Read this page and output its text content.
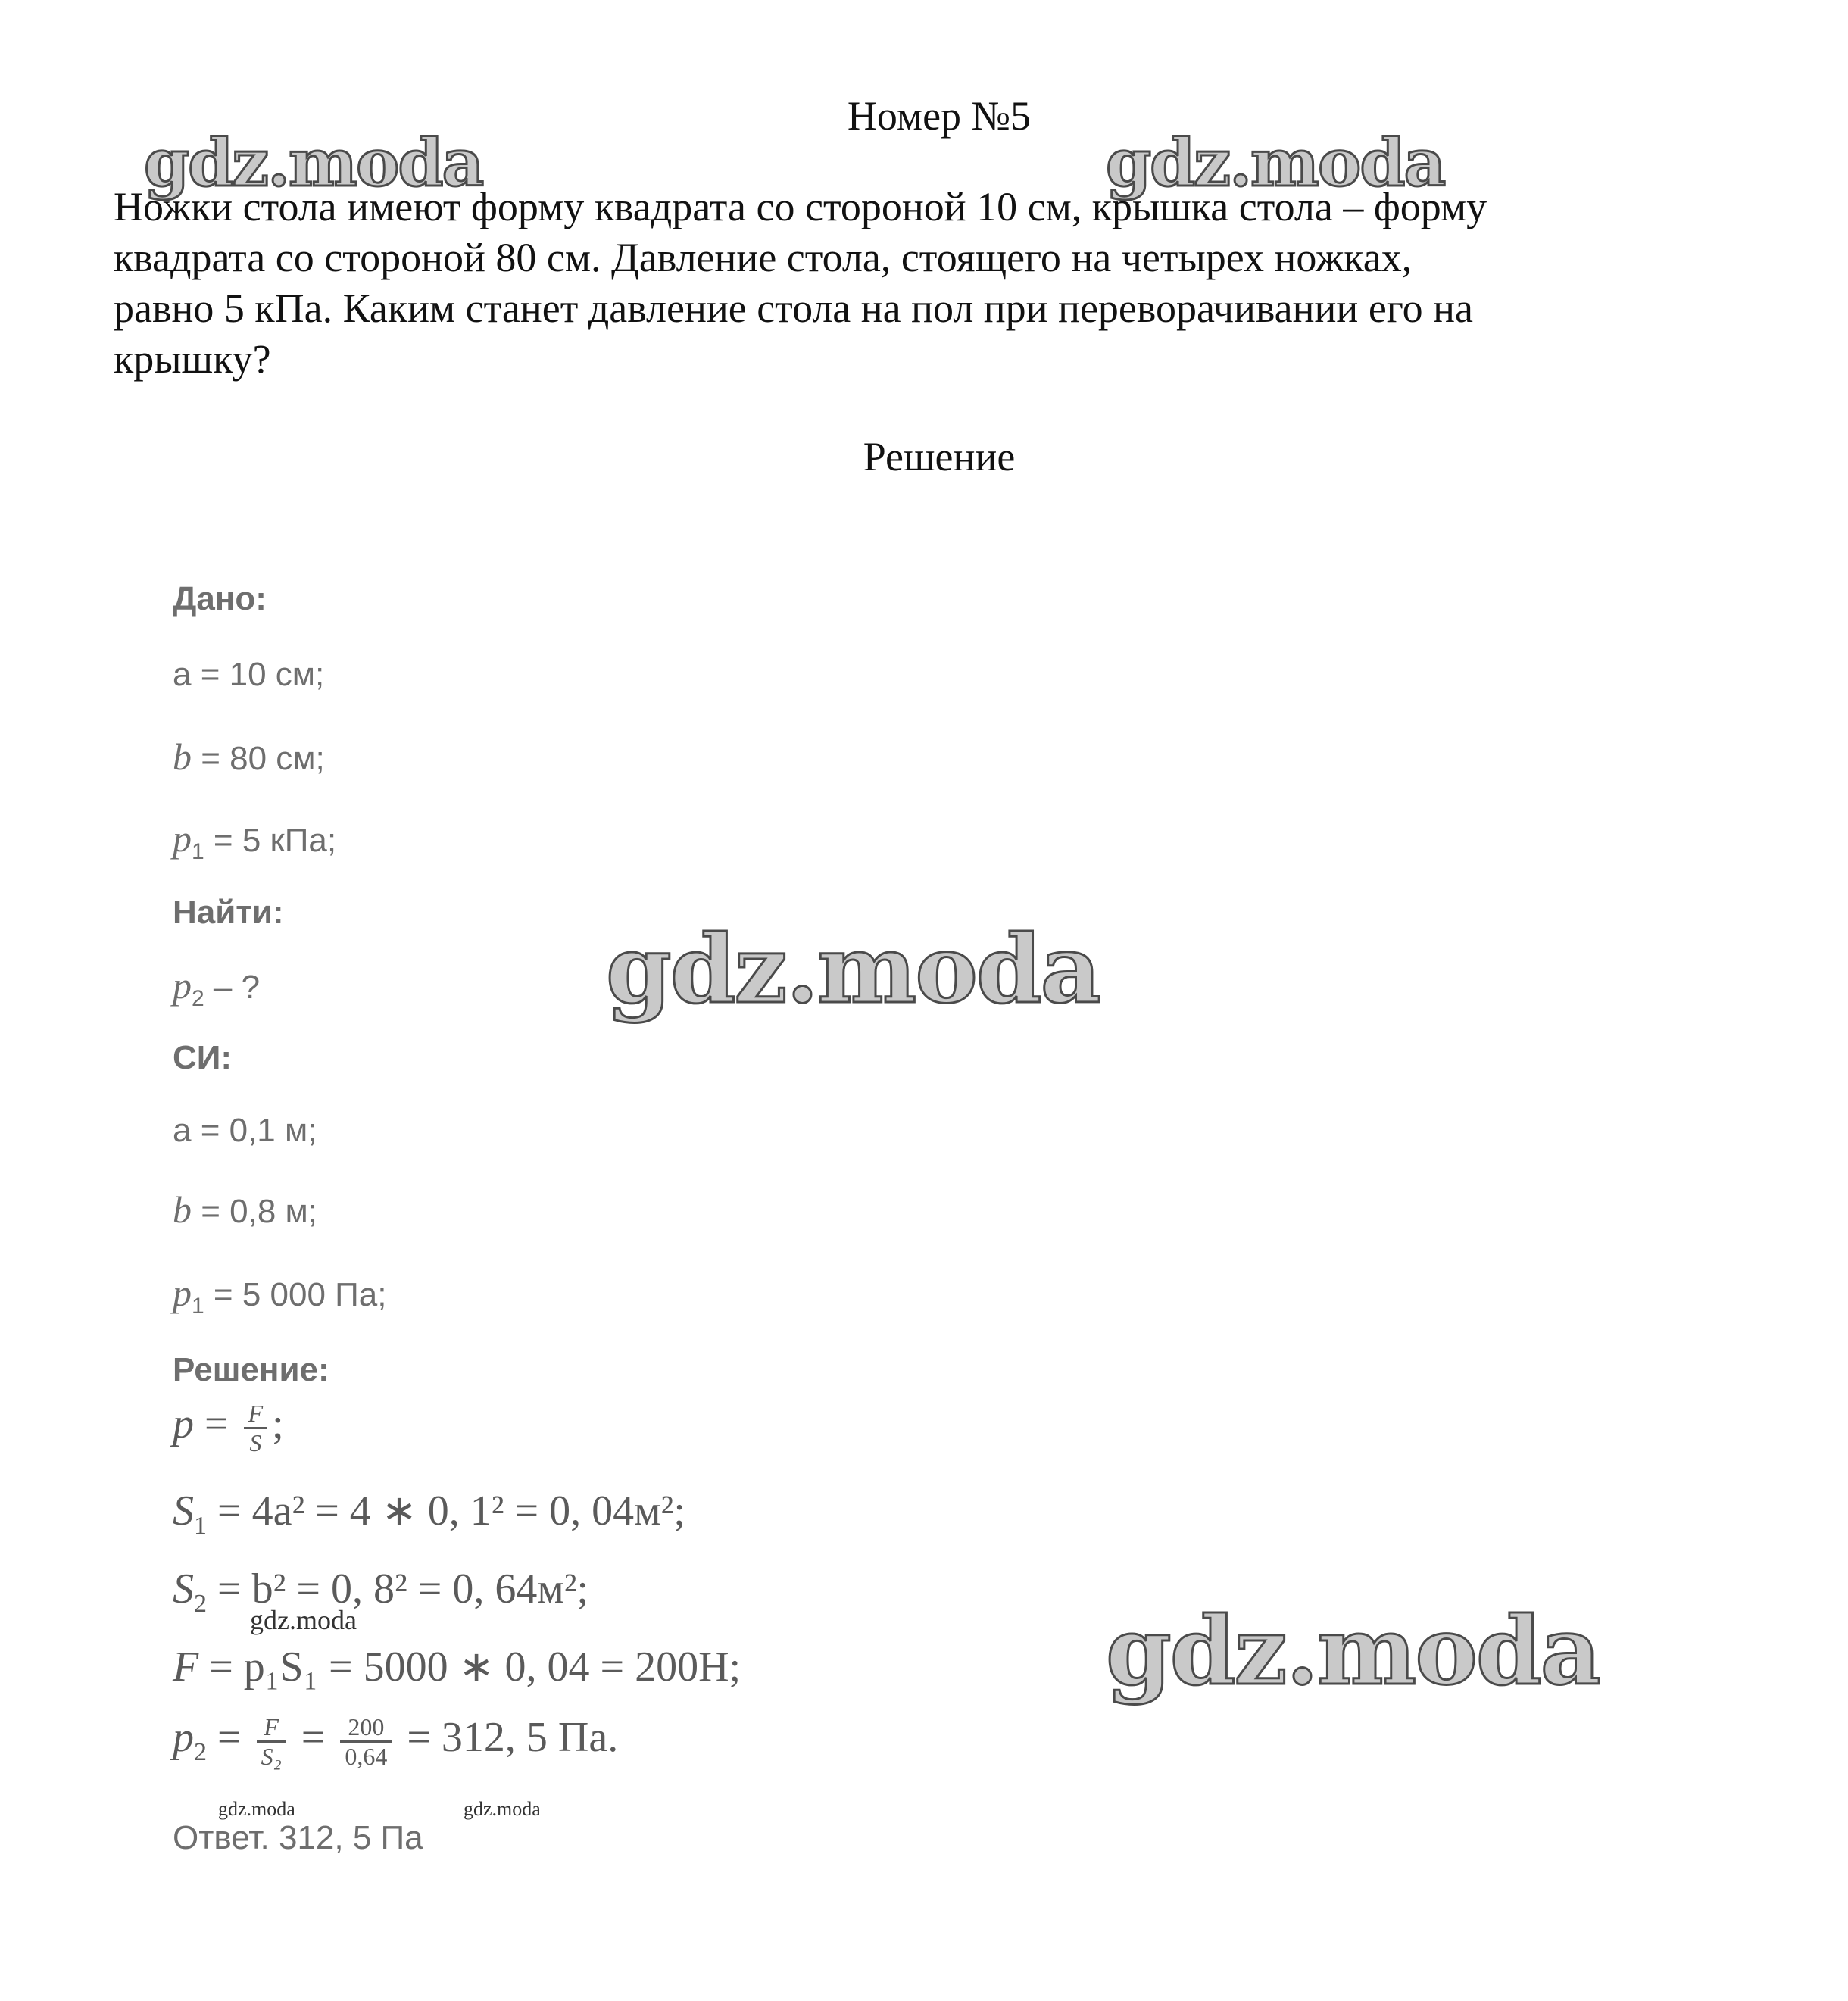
gdz.moda	gdz.moda
Номер №5
Ножки стола имеют форму квадрата со стороной 10 см, крышка стола – форму
квадрата со стороной 80 см. Давление стола, стоящего на четырех ножках,
равно 5 кПа. Каким станет давление стола на пол при переворачивании его на
крышку?
Решение
Дано:
a = 10 см;
b = 80 см;
$p_1 = 5$ кПа;
Найти:
$p_2$ – ?
СИ:
a = 0,1 м;
b = 0,8 м;
$p_1 = 5$ 000 Па;
Решение:
$p = \frac{F}{S}$ ;
$S_1 = 4a^2 = 4$ ∗ 0, 1² = 0, 04м²;
$S_2 = b^2 = 0$, 8² = 0, 64м²;
gdz.moda
F = p₁S₁ = 5000 ∗ 0, 04 = 200Н;
$p_2 = \frac{F}{\text{S₂}} = \frac{200}{0,64} = 312$, 5 Па.
gdz.moda	gdz.moda
Ответ. 312, 5 Па
gdz.moda
gdz.moda
